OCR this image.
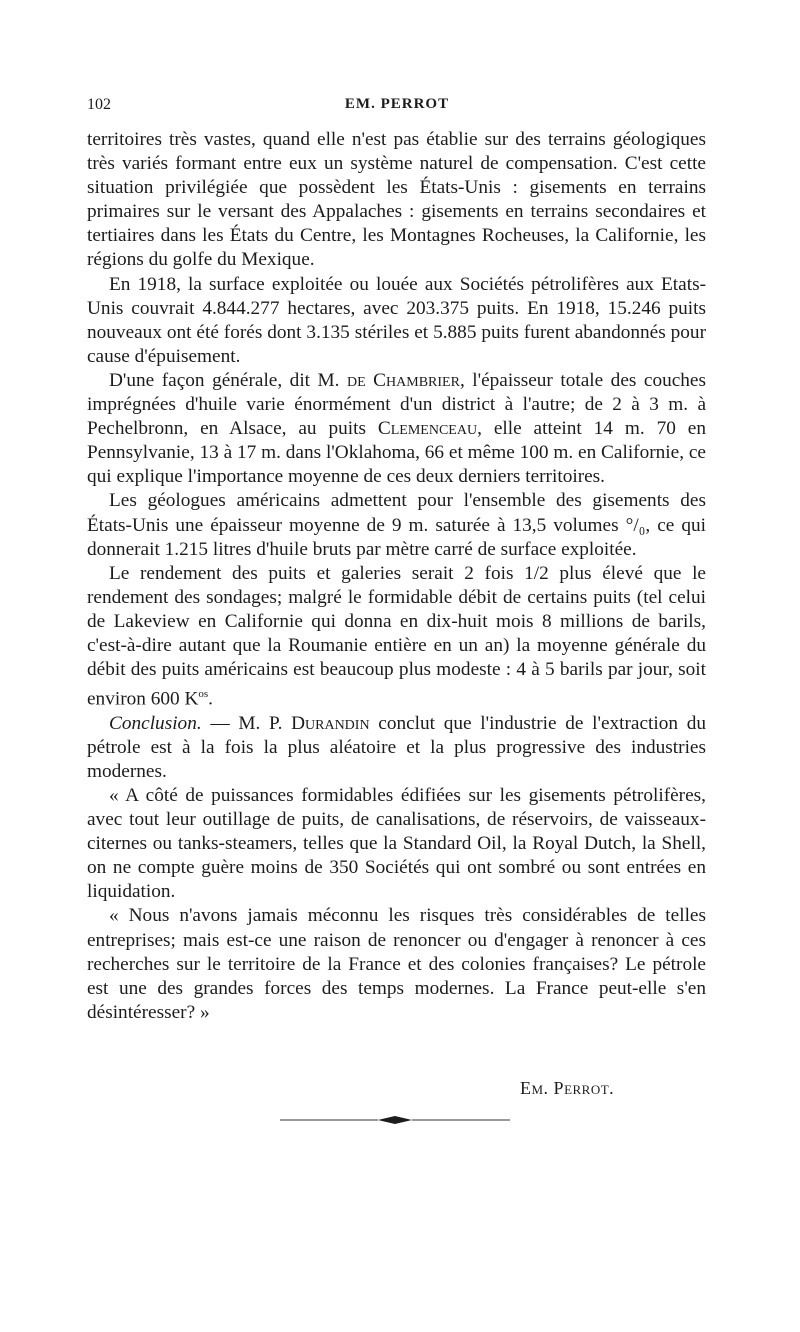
102	EM. PERROT

territoires très vastes, quand elle n'est pas établie sur des terrains géologiques très variés formant entre eux un système naturel de compensation. C'est cette situation privilégiée que possèdent les États-Unis : gisements en terrains primaires sur le versant des Appalaches : gisements en terrains secondaires et tertiaires dans les États du Centre, les Montagnes Rocheuses, la Californie, les régions du golfe du Mexique.

En 1918, la surface exploitée ou louée aux Sociétés pétrolifères aux Etats-Unis couvrait 4.844.277 hectares, avec 203.375 puits. En 1918, 15.246 puits nouveaux ont été forés dont 3.135 stériles et 5.885 puits furent abandonnés pour cause d'épuisement.

D'une façon générale, dit M. de Chambrier, l'épaisseur totale des couches imprégnées d'huile varie énormément d'un district à l'autre; de 2 à 3 m. à Pechelbronn, en Alsace, au puits Clemenceau, elle atteint 14 m. 70 en Pennsylvanie, 13 à 17 m. dans l'Oklahoma, 66 et même 100 m. en Californie, ce qui explique l'importance moyenne de ces deux derniers territoires.

Les géologues américains admettent pour l'ensemble des gisements des États-Unis une épaisseur moyenne de 9 m. saturée à 13,5 volumes °/₀, ce qui donnerait 1.215 litres d'huile bruts par mètre carré de surface exploitée.

Le rendement des puits et galeries serait 2 fois 1/2 plus élevé que le rendement des sondages; malgré le formidable débit de certains puits (tel celui de Lakeview en Californie qui donna en dix-huit mois 8 millions de barils, c'est-à-dire autant que la Roumanie entière en un an) la moyenne générale du débit des puits américains est beaucoup plus modeste : 4 à 5 barils par jour, soit environ 600 $K^{os}$.

Conclusion. — M. P. Durandin conclut que l'industrie de l'extraction du pétrole est à la fois la plus aléatoire et la plus progressive des industries modernes.

« A côté de puissances formidables édifiées sur les gisements pétrolifères, avec tout leur outillage de puits, de canalisations, de réservoirs, de vaisseaux-citernes ou tanks-steamers, telles que la Standard Oil, la Royal Dutch, la Shell, on ne compte guère moins de 350 Sociétés qui ont sombré ou sont entrées en liquidation.

« Nous n'avons jamais méconnu les risques très considérables de telles entreprises; mais est-ce une raison de renoncer ou d'engager à renoncer à ces recherches sur le territoire de la France et des colonies françaises? Le pétrole est une des grandes forces des temps modernes. La France peut-elle s'en désintéresser? »

Em. Perrot.
